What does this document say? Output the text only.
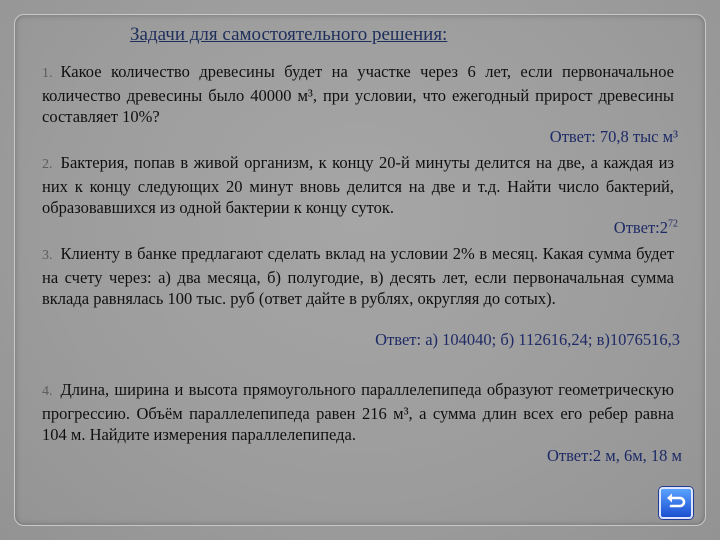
Задачи для самостоятельного решения:
1. Какое количество древесины будет на участке через 6 лет, если первоначальное количество древесины было 40000 м³, при условии, что ежегодный прирост древесины составляет 10%?
Ответ: 70,8 тыс м³
2. Бактерия, попав в живой организм, к концу 20-й минуты делится на две, а каждая из них к концу следующих 20 минут вновь делится на две и т.д. Найти число бактерий, образовавшихся из одной бактерии к концу суток.
$Ответ:2^{72}$
3. Клиенту в банке предлагают сделать вклад на условии 2% в месяц. Какая сумма будет на счету через: а) два месяца, б) полугодие, в) десять лет, если первоначальная сумма вклада равнялась 100 тыс. руб (ответ дайте в рублях, округляя до сотых).
Ответ: а) 104040; б) 112616,24; в)1076516,3
4. Длина, ширина и высота прямоугольного параллелепипеда образуют геометрическую прогрессию. Объём параллелепипеда равен 216 м³, а сумма длин всех его ребер равна 104 м. Найдите измерения параллелепипеда.
Ответ:2 м, 6м, 18 м
